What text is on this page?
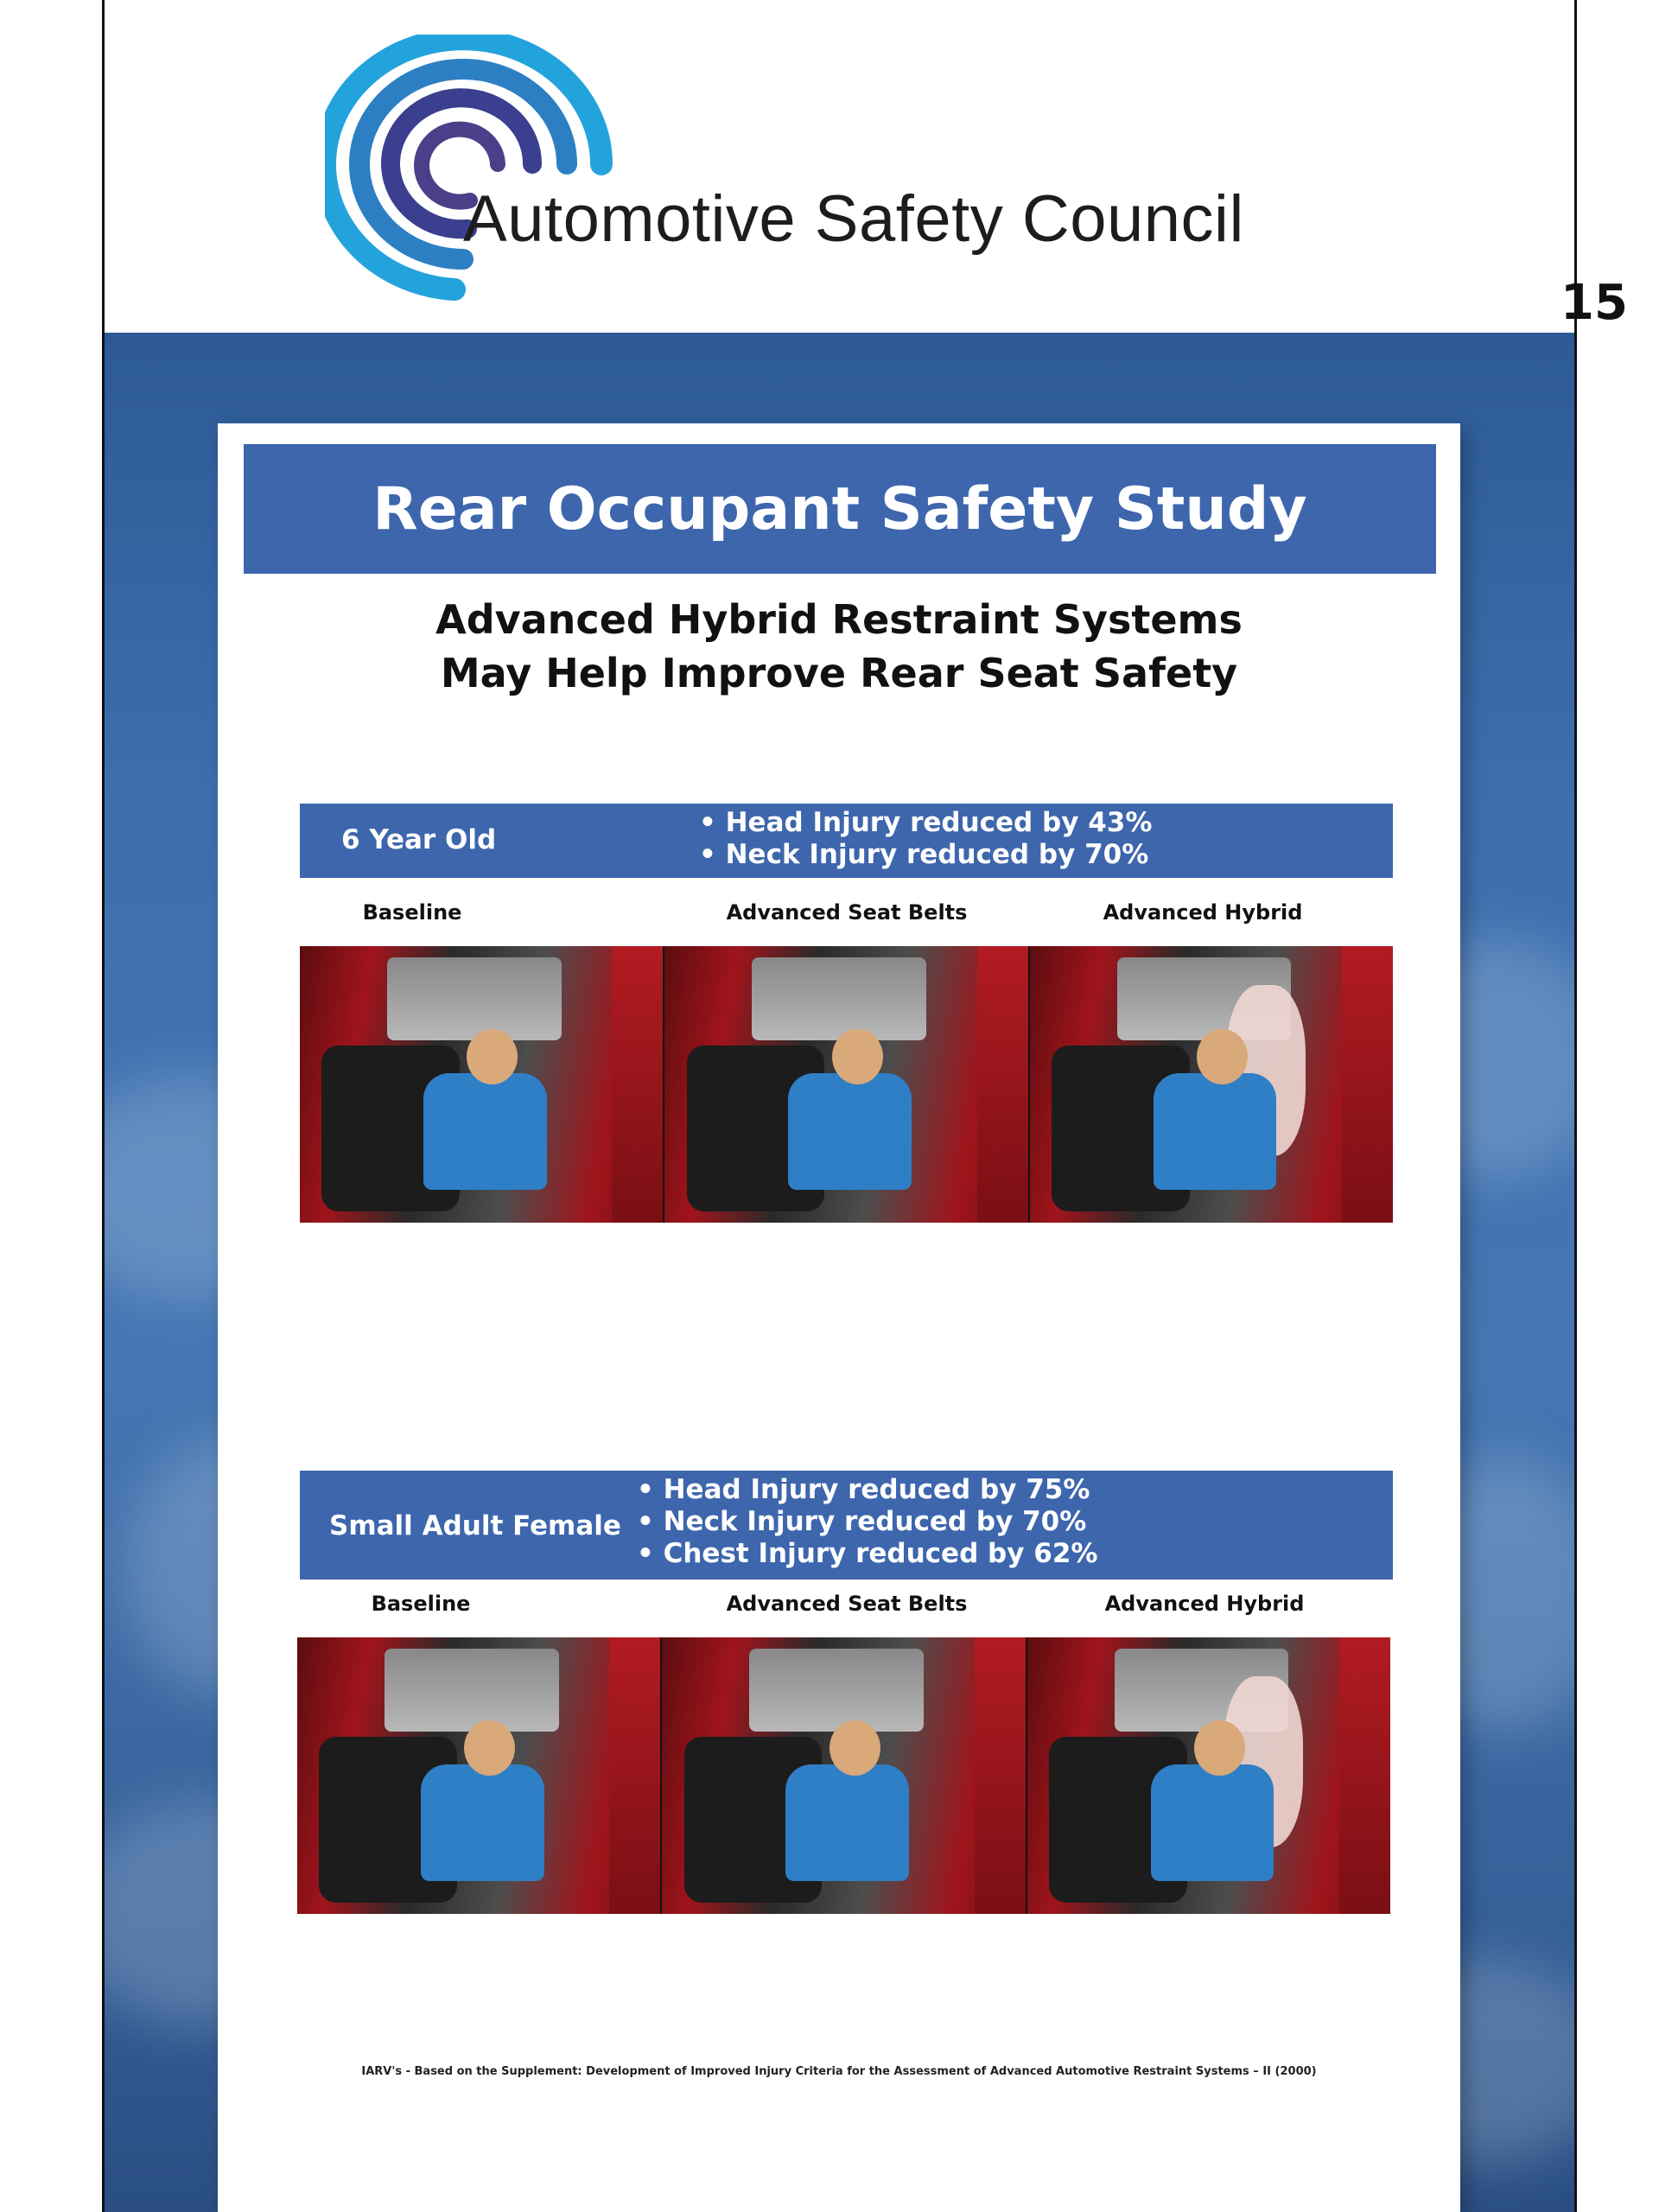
Automotive Safety Council
15
Rear Occupant Safety Study
Advanced Hybrid Restraint Systems
May Help Improve Rear Seat Safety
6 Year Old
• Head Injury reduced by 43%
• Neck Injury reduced by 70%
Baseline	Advanced Seat Belts	Advanced Hybrid
Small Adult Female
• Head Injury reduced by 75%
• Neck Injury reduced by 70%
• Chest Injury reduced by 62%
Baseline	Advanced Seat Belts	Advanced Hybrid
IARV's - Based on the Supplement: Development of Improved Injury Criteria for the Assessment of Advanced Automotive Restraint Systems – II (2000)
